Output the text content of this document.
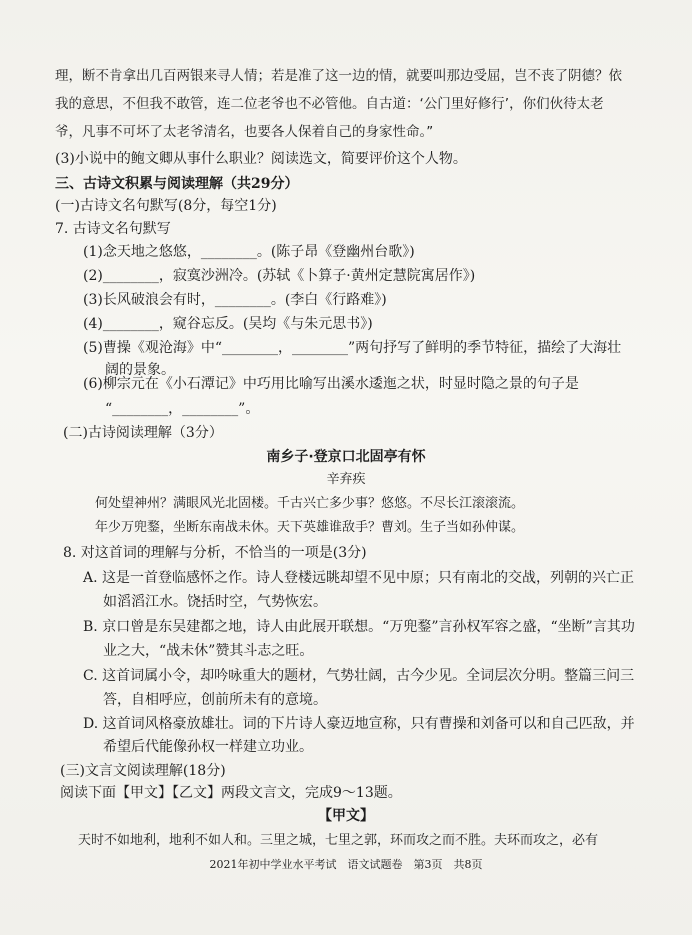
理，断不肯拿出几百两银来寻人情；若是准了这一边的情，就要叫那边受屈，岂不丧了阴德？依
我的意思，不但我不敢管，连二位老爷也不必管他。自古道：‘公门里好修行’，你们伙待太老
爷，凡事不可坏了太老爷清名，也要各人保着自己的身家性命。”
(3)小说中的鲍文卿从事什么职业？阅读选文，简要评价这个人物。
三、古诗文积累与阅读理解（共29分）
(一)古诗文名句默写(8分，每空1分)
7. 古诗文名句默写
(1)念天地之悠悠，________。(陈子昂《登幽州台歌》)
(2)________，寂寞沙洲冷。(苏轼《卜算子·黄州定慧院寓居作》)
(3)长风破浪会有时，________。(李白《行路难》)
(4)________，窥谷忘反。(吴均《与朱元思书》)
(5)曹操《观沧海》中“________，________”两句抒写了鲜明的季节特征，描绘了大海壮
阔的景象。
(6)柳宗元在《小石潭记》中巧用比喻写出溪水逶迤之状，时显时隐之景的句子是
“________，________”。
(二)古诗阅读理解（3分）
南乡子·登京口北固亭有怀
辛弃疾
何处望神州？满眼风光北固楼。千古兴亡多少事？悠悠。不尽长江滚滚流。
年少万兜鍪，坐断东南战未休。天下英雄谁敌手？曹刘。生子当如孙仲谋。
8. 对这首词的理解与分析，不恰当的一项是(3分)
A. 这是一首登临感怀之作。诗人登楼远眺却望不见中原；只有南北的交战，列朝的兴亡正
如滔滔江水。饶括时空，气势恢宏。
B. 京口曾是东吴建都之地，诗人由此展开联想。“万兜鍪”言孙权军容之盛，“坐断”言其功
业之大，“战未休”赞其斗志之旺。
C. 这首词属小令，却吟咏重大的题材，气势壮阔，古今少见。全词层次分明。整篇三问三
答，自相呼应，创前所未有的意境。
D. 这首词风格豪放雄壮。词的下片诗人豪迈地宣称，只有曹操和刘备可以和自己匹敌，并
希望后代能像孙权一样建立功业。
(三)文言文阅读理解(18分)
阅读下面【甲文】【乙文】两段文言文，完成9～13题。
【甲文】
天时不如地利，地利不如人和。三里之城，七里之郭，环而攻之而不胜。夫环而攻之，必有
2021年初中学业水平考试　语文试题卷　第3页　共8页
